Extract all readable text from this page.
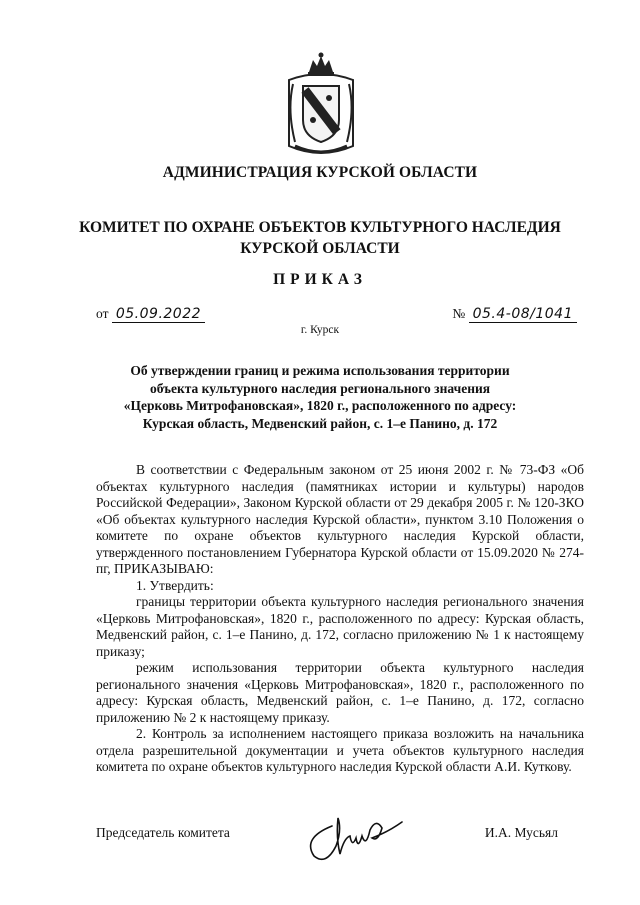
АДМИНИСТРАЦИЯ КУРСКОЙ ОБЛАСТИ
КОМИТЕТ ПО ОХРАНЕ ОБЪЕКТОВ КУЛЬТУРНОГО НАСЛЕДИЯ
КУРСКОЙ ОБЛАСТИ
ПРИКАЗ
от 05.09.2022	№ 05.4-08/1041
г. Курск
Об утверждении границ и режима использования территории
объекта культурного наследия регионального значения
«Церковь Митрофановская», 1820 г., расположенного по адресу:
Курская область, Медвенский район, с. 1–е Панино, д. 172

В соответствии с Федеральным законом от 25 июня 2002 г. № 73-ФЗ «Об объектах культурного наследия (памятниках истории и культуры) народов Российской Федерации», Законом Курской области от 29 декабря 2005 г. № 120-ЗКО «Об объектах культурного наследия Курской области», пунктом 3.10 Положения о комитете по охране объектов культурного наследия Курской области, утвержденного постановлением Губернатора Курской области от 15.09.2020 № 274-пг, ПРИКАЗЫВАЮ:

1. Утвердить:

границы территории объекта культурного наследия регионального значения «Церковь Митрофановская», 1820 г., расположенного по адресу: Курская область, Медвенский район, с. 1–е Панино, д. 172, согласно приложению № 1 к настоящему приказу;

режим использования территории объекта культурного наследия регионального значения «Церковь Митрофановская», 1820 г., расположенного по адресу: Курская область, Медвенский район, с. 1–е Панино, д. 172, согласно приложению № 2 к настоящему приказу.

2. Контроль за исполнением настоящего приказа возложить на начальника отдела разрешительной документации и учета объектов культурного наследия комитета по охране объектов культурного наследия Курской области А.И. Куткову.

Председатель комитета	И.А. Мусьял
